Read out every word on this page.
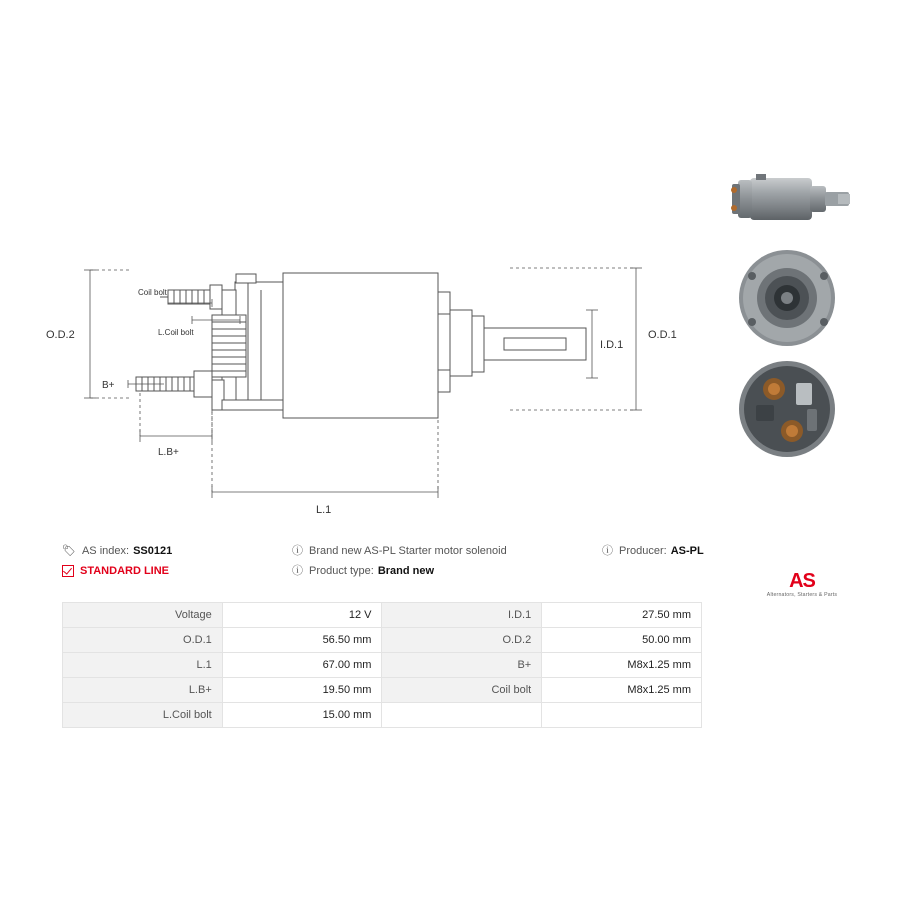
O.D.2	O.D.1
I.D.1
L.1
L.B+
B+
Coil bolt
L.Coil bolt
🏷 AS index: SS0121	ⓘ Brand new AS-PL Starter motor solenoid	ⓘ Producer: AS-PL
STANDARD LINE	ⓘ Product type: Brand new	AS
Alternators, Starters & Parts
Voltage	12 V	I.D.1	27.50 mm
O.D.1	56.50 mm	O.D.2	50.00 mm
L.1	67.00 mm	B+	M8x1.25 mm
L.B+	19.50 mm	Coil bolt	M8x1.25 mm
L.Coil bolt	15.00 mm		
